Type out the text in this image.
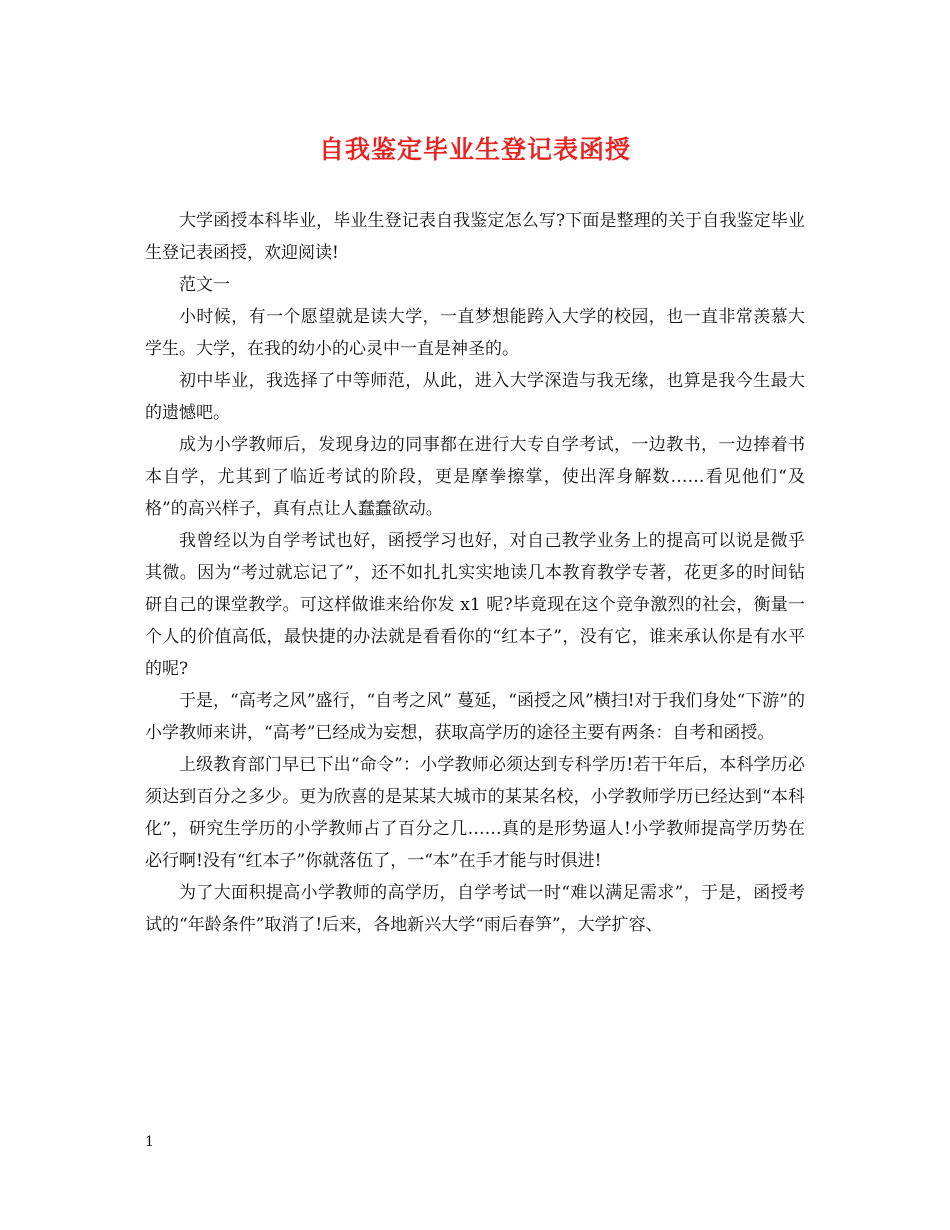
自我鉴定毕业生登记表函授

大学函授本科毕业，毕业生登记表自我鉴定怎么写?下面是整理的关于自我鉴定毕业生登记表函授，欢迎阅读!

范文一

小时候，有一个愿望就是读大学，一直梦想能跨入大学的校园，也一直非常羡慕大学生。大学，在我的幼小的心灵中一直是神圣的。

初中毕业，我选择了中等师范，从此，进入大学深造与我无缘，也算是我今生最大的遗憾吧。

成为小学教师后，发现身边的同事都在进行大专自学考试，一边教书，一边捧着书本自学，尤其到了临近考试的阶段，更是摩拳擦掌，使出浑身解数……看见他们“及格”的高兴样子，真有点让人蠢蠢欲动。

我曾经以为自学考试也好，函授学习也好，对自己教学业务上的提高可以说是微乎其微。因为“考过就忘记了”，还不如扎扎实实地读几本教育教学专著，花更多的时间钻研自己的课堂教学。可这样做谁来给你发 x1 呢?毕竟现在这个竞争激烈的社会，衡量一个人的价值高低，最快捷的办法就是看看你的“红本子”，没有它，谁来承认你是有水平的呢?

于是，“高考之风”盛行，“自考之风” 蔓延，“函授之风”横扫!对于我们身处“下游”的小学教师来讲，“高考”已经成为妄想，获取高学历的途径主要有两条：自考和函授。

上级教育部门早已下出“命令”：小学教师必须达到专科学历!若干年后，本科学历必须达到百分之多少。更为欣喜的是某某大城市的某某名校，小学教师学历已经达到“本科化”，研究生学历的小学教师占了百分之几……真的是形势逼人!小学教师提高学历势在必行啊!没有“红本子”你就落伍了，一“本”在手才能与时俱进!

为了大面积提高小学教师的高学历，自学考试一时“难以满足需求”，于是，函授考试的“年龄条件”取消了!后来，各地新兴大学“雨后春笋”，大学扩容、

1
